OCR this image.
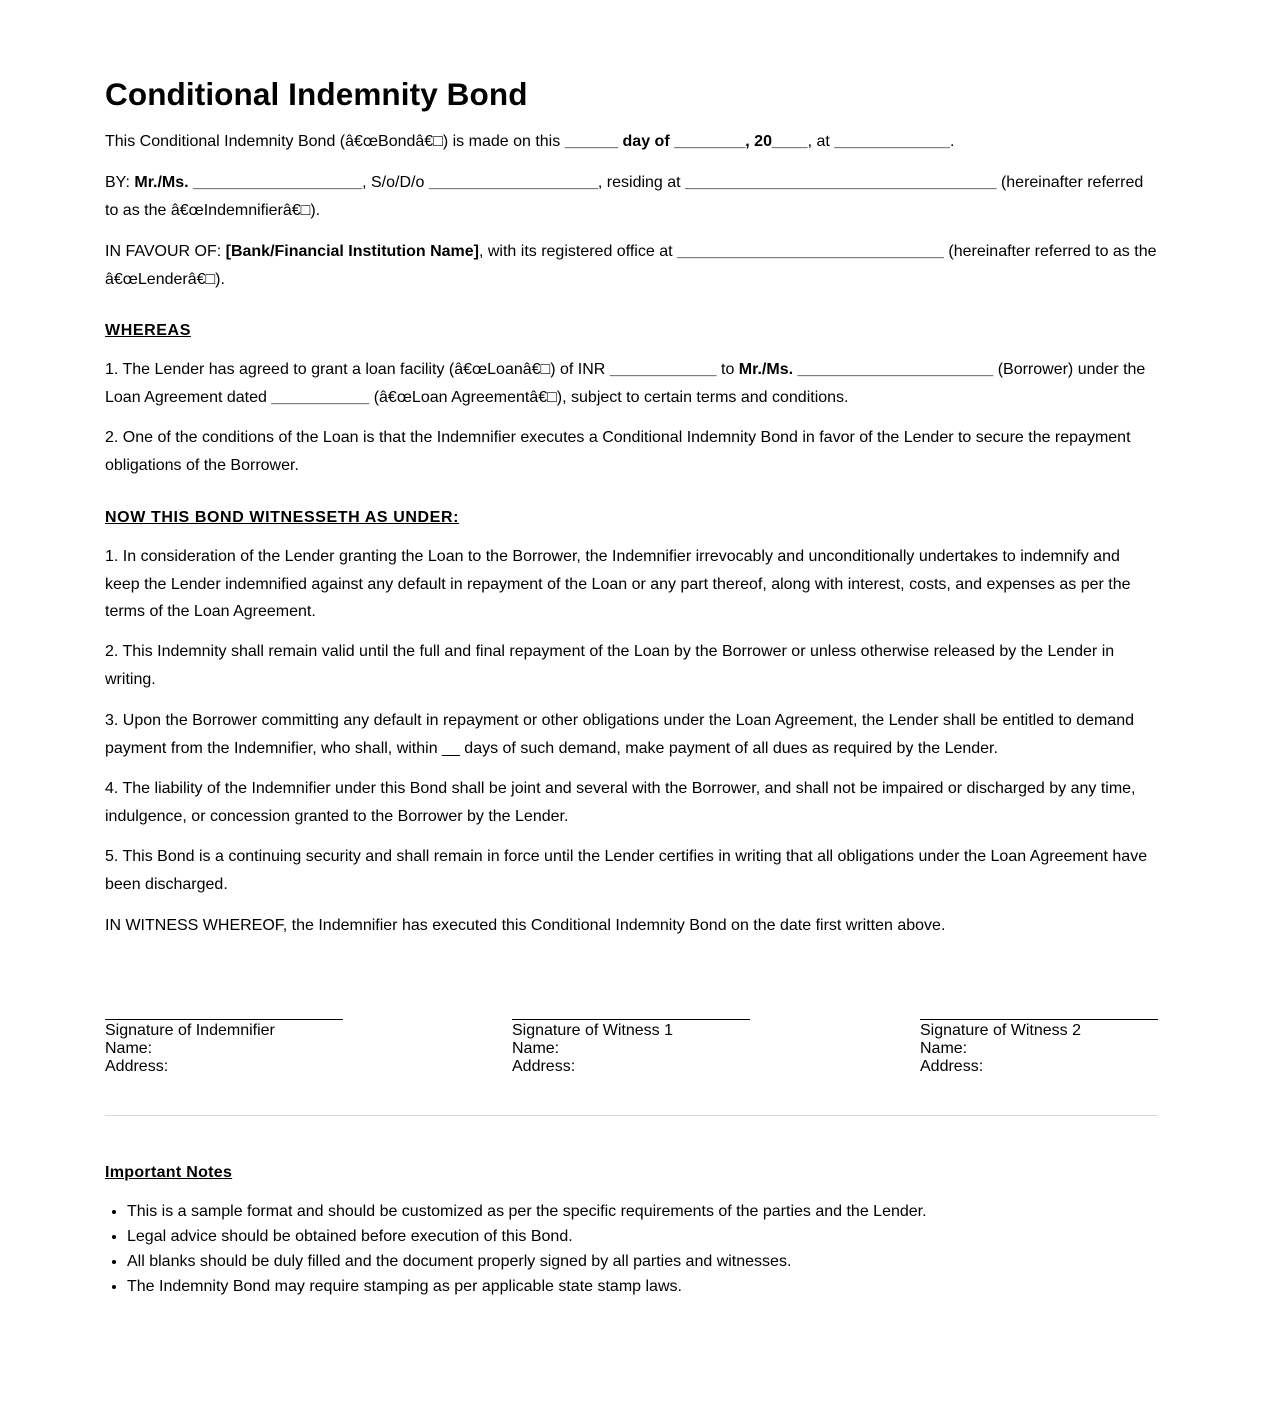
Conditional Indemnity Bond

This Conditional Indemnity Bond (â€œBondâ€□) is made on this ______ day of ________, 20____, at _____________.

BY: Mr./Ms. ___________________, S/o/D/o ___________________, residing at ___________________________________ (hereinafter referred to as the â€œIndemnifierâ€□).

IN FAVOUR OF: [Bank/Financial Institution Name], with its registered office at ______________________________ (hereinafter referred to as the â€œLenderâ€□).

WHEREAS

1. The Lender has agreed to grant a loan facility (â€œLoanâ€□) of INR ____________ to Mr./Ms. ______________________ (Borrower) under the Loan Agreement dated ___________ (â€œLoan Agreementâ€□), subject to certain terms and conditions.

2. One of the conditions of the Loan is that the Indemnifier executes a Conditional Indemnity Bond in favor of the Lender to secure the repayment obligations of the Borrower.

NOW THIS BOND WITNESSETH AS UNDER:

1. In consideration of the Lender granting the Loan to the Borrower, the Indemnifier irrevocably and unconditionally undertakes to indemnify and keep the Lender indemnified against any default in repayment of the Loan or any part thereof, along with interest, costs, and expenses as per the terms of the Loan Agreement.

2. This Indemnity shall remain valid until the full and final repayment of the Loan by the Borrower or unless otherwise released by the Lender in writing.

3. Upon the Borrower committing any default in repayment or other obligations under the Loan Agreement, the Lender shall be entitled to demand payment from the Indemnifier, who shall, within __ days of such demand, make payment of all dues as required by the Lender.

4. The liability of the Indemnifier under this Bond shall be joint and several with the Borrower, and shall not be impaired or discharged by any time, indulgence, or concession granted to the Borrower by the Lender.

5. This Bond is a continuing security and shall remain in force until the Lender certifies in writing that all obligations under the Loan Agreement have been discharged.

IN WITNESS WHEREOF, the Indemnifier has executed this Conditional Indemnity Bond on the date first written above.

Signature of Indemnifier
Name:
Address:
Signature of Witness 1
Name:
Address:
Signature of Witness 2
Name:
Address:
Important Notes
• This is a sample format and should be customized as per the specific requirements of the parties and the Lender.
• Legal advice should be obtained before execution of this Bond.
• All blanks should be duly filled and the document properly signed by all parties and witnesses.
• The Indemnity Bond may require stamping as per applicable state stamp laws.
